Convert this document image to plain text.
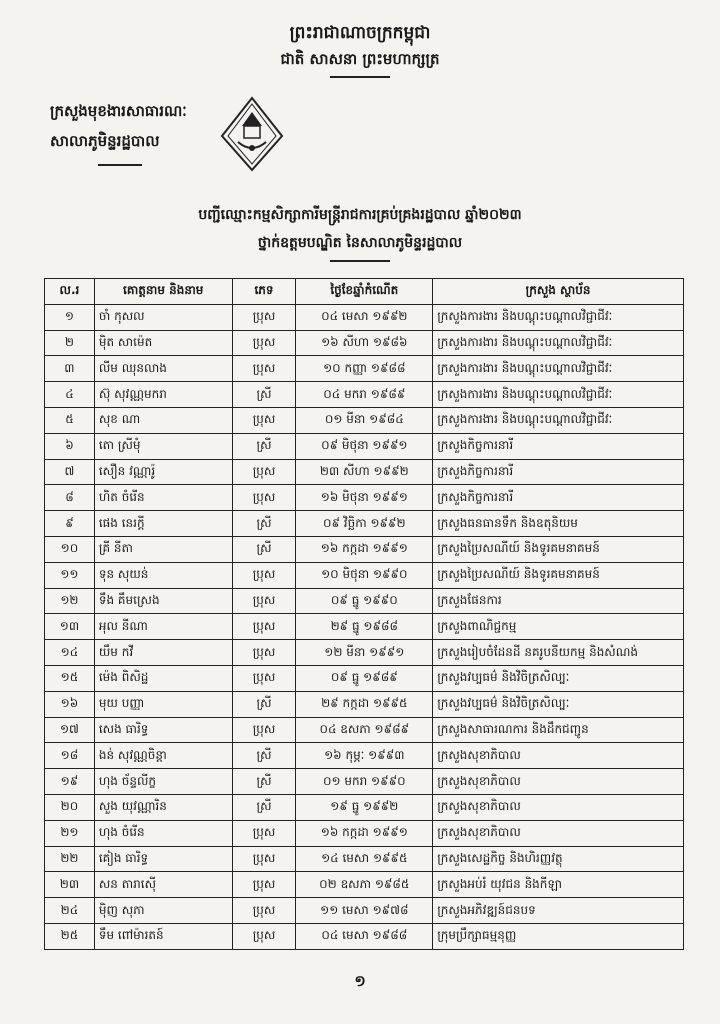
ព្រះរាជាណាចក្រកម្ពុជា
ជាតិ សាសនា ព្រះមហាក្សត្រ
ក្រសួងមុខងារសាធារណៈ
សាលាភូមិន្ទរដ្ឋបាល
បញ្ជីឈ្មោះកម្មសិក្សាការីមន្ត្រីរាជការគ្រប់គ្រងរដ្ឋបាល ឆ្នាំ២០២៣
ថ្នាក់ឧត្តមបណ្ឌិត នៃសាលាភូមិន្ទរដ្ឋបាល
ល.រ	គោត្តនាម និងនាម	ភេទ	ថ្ងៃខែឆ្នាំកំណើត	ក្រសួង ស្ថាប័ន
១	ចាំ កុសល	ប្រុស	០៤ មេសា ១៩៩២	ក្រសួងការងារ និងបណ្តុះបណ្តាលវិជ្ជាជីវៈ
២	ម៉ិត សាម៉េត	ប្រុស	១៦ សីហា ១៩៨៦	ក្រសួងការងារ និងបណ្តុះបណ្តាលវិជ្ជាជីវៈ
៣	លីម ឈុនលាង	ប្រុស	១០ កញ្ញា ១៩៨៨	ក្រសួងការងារ និងបណ្តុះបណ្តាលវិជ្ជាជីវៈ
៤	ស៊ុ សុវណ្ណមករា	ស្រី	០៤ មករា ១៩៨៩	ក្រសួងការងារ និងបណ្តុះបណ្តាលវិជ្ជាជីវៈ
៥	សុខ ណា	ប្រុស	០១ មីនា ១៩៨៤	ក្រសួងការងារ និងបណ្តុះបណ្តាលវិជ្ជាជីវៈ
៦	តោ ស្រីមុំ	ស្រី	០៩ មិថុនា ១៩៩១	ក្រសួងកិច្ចការនារី
៧	សឿន វណ្ណារ៉ូ	ប្រុស	២៣ សីហា ១៩៩២	ក្រសួងកិច្ចការនារី
៨	ហិត ចំរើន	ប្រុស	១៦ មិថុនា ១៩៩១	ក្រសួងកិច្ចការនារី
៩	ផេង នេរក្តី	ស្រី	០៩ វិច្ឆិកា ១៩៩២	ក្រសួងធនធានទឹក និងឧតុនិយម
១០	គ្រី នីតា	ស្រី	១៦ កក្កដា ១៩៩១	ក្រសួងប្រៃសណីយ៍ និងទូរគមនាគមន៍
១១	ទុន សុយន់	ប្រុស	១០ មិថុនា ១៩៩០	ក្រសួងប្រៃសណីយ៍ និងទូរគមនាគមន៍
១២	ទឹង គឹមស្រេង	ប្រុស	០៩ ធ្នូ ១៩៩០	ក្រសួងផែនការ
១៣	អុល នីណា	ប្រុស	២៩ ធ្នូ ១៩៨៨	ក្រសួងពាណិជ្ជកម្ម
១៤	យឹម កវី	ប្រុស	១២ មីនា ១៩៩១	ក្រសួងរៀបចំដែនដី នគរូបនីយកម្ម និងសំណង់
១៥	ម៉េង ពិសិដ្ឋ	ប្រុស	០៩ ធ្នូ ១៩៨៩	ក្រសួងវប្បធម៌ និងវិចិត្រសិល្បៈ
១៦	មុយ បញ្ញា	ស្រី	២៩ កក្កដា ១៩៩៥	ក្រសួងវប្បធម៌ និងវិចិត្រសិល្បៈ
១៧	សេង ធារិទ្ធ	ប្រុស	០៤ ឧសភា ១៩៨៩	ក្រសួងសាធារណការ និងដឹកជញ្ជូន
១៨	ងន់ សុវណ្ណចិន្តា	ស្រី	១៦ កុម្ភៈ ១៩៩៣	ក្រសួងសុខាភិបាល
១៩	ហុង ច័ន្ទលីក្ខ	ស្រី	០១ មករា ១៩៩០	ក្រសួងសុខាភិបាល
២០	សួង យុវណ្ណារិន	ស្រី	១៩ ធ្នូ ១៩៩២	ក្រសួងសុខាភិបាល
២១	ហុង ចំរើន	ប្រុស	១៦ កក្កដា ១៩៩១	ក្រសួងសុខាភិបាល
២២	គៀង ធារិទ្ធ	ប្រុស	១៤ មេសា ១៩៩៥	ក្រសួងសេដ្ឋកិច្ច និងហិរញ្ញវត្ថុ
២៣	សន តារាស៊ើ	ប្រុស	០២ ឧសភា ១៩៨៥	ក្រសួងអប់រំ យុវជន និងកីឡា
២៤	ម៉ិញ សុភា	ប្រុស	១១ មេសា ១៩៧៨	ក្រសួងអភិវឌ្ឍន៍ជនបទ
២៥	ទឹម ពៅម៉ារតន៍	ប្រុស	០៤ មេសា ១៩៨៨	ក្រុមប្រឹក្សាធម្មនុញ្ញ
១
